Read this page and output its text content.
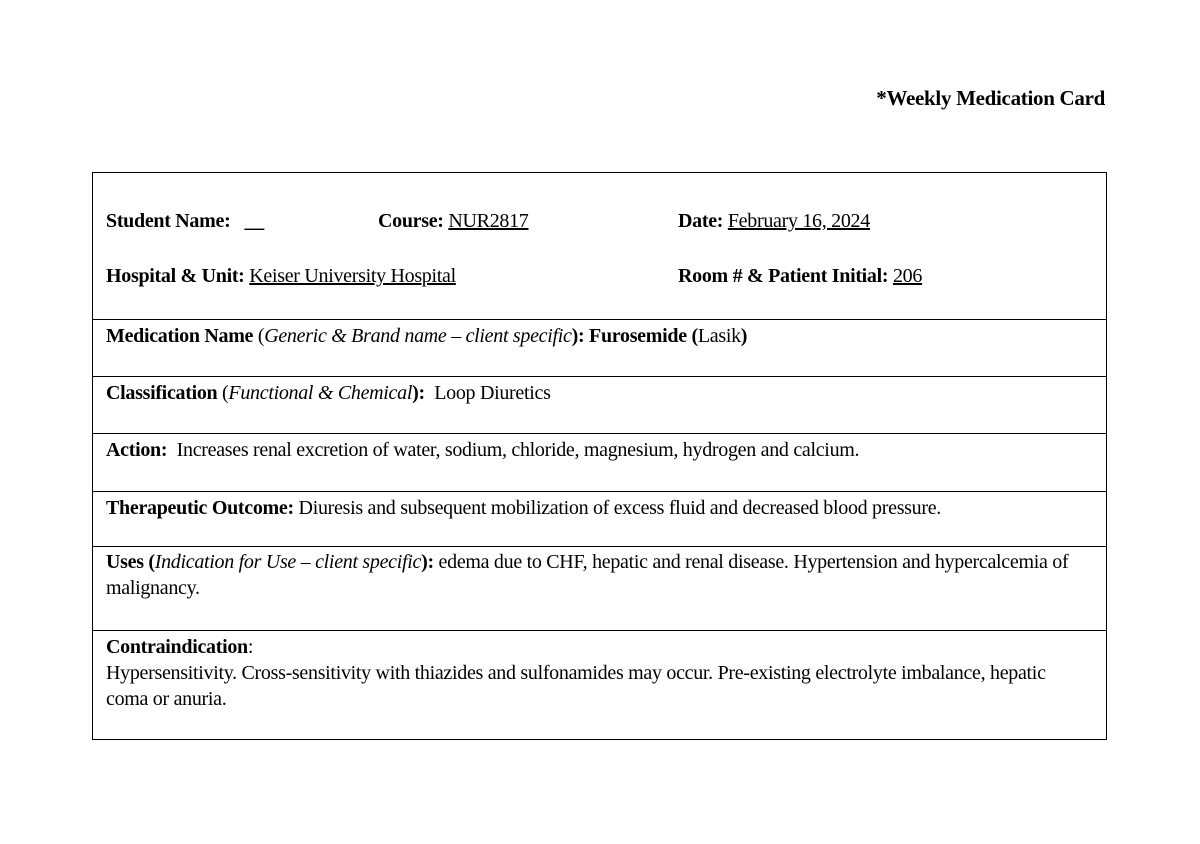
*Weekly Medication Card
Student Name: __	Course: NUR2817	Date: February 16, 2024
Hospital & Unit: Keiser University Hospital	Room # & Patient Initial: 206
Medication Name (Generic & Brand name – client specific): Furosemide (Lasik)
Classification (Functional & Chemical):  Loop Diuretics
Action:  Increases renal excretion of water, sodium, chloride, magnesium, hydrogen and calcium.
Therapeutic Outcome: Diuresis and subsequent mobilization of excess fluid and decreased blood pressure.
Uses (Indication for Use – client specific): edema due to CHF, hepatic and renal disease. Hypertension and hypercalcemia of malignancy.
Contraindication:
Hypersensitivity. Cross-sensitivity with thiazides and sulfonamides may occur. Pre-existing electrolyte imbalance, hepatic coma or anuria.
